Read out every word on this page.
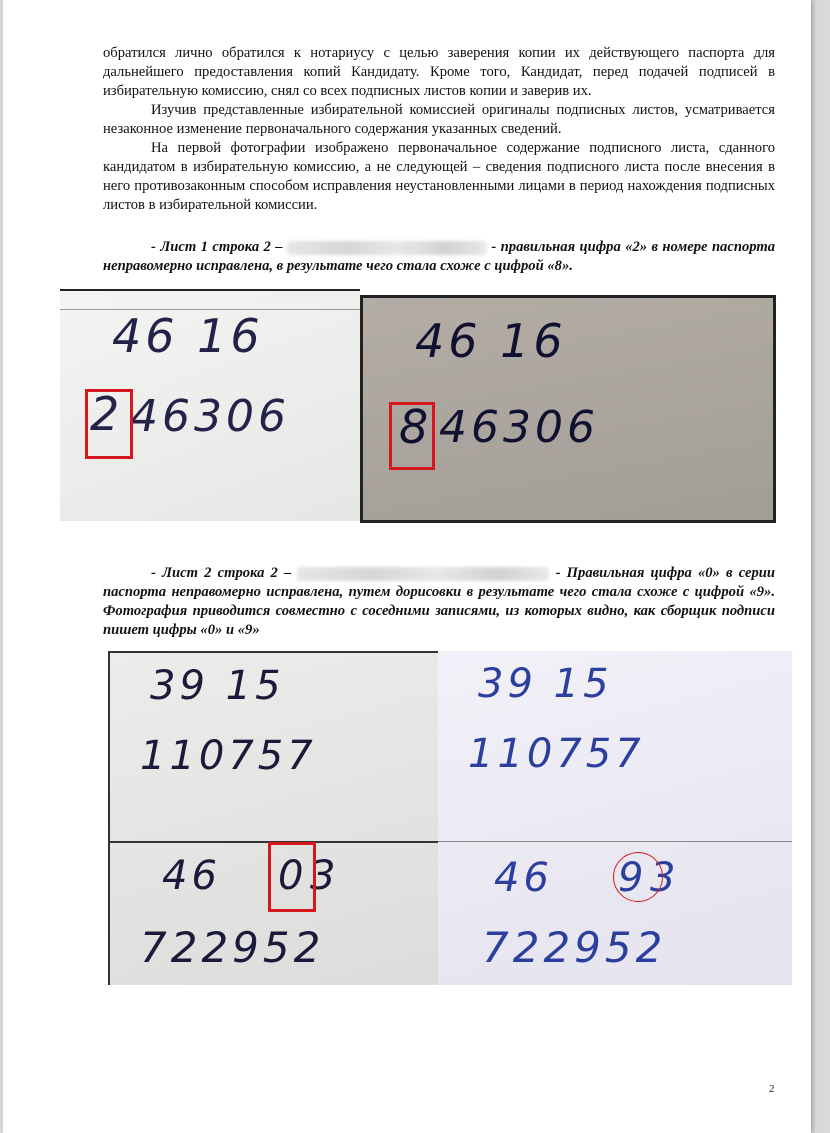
обратился лично обратился к нотариусу с целью заверения копии их действующего паспорта для дальнейшего предоставления копий Кандидату. Кроме того, Кандидат, перед подачей подписей в избирательную комиссию, снял со всех подписных листов копии и заверив их.

Изучив представленные избирательной комиссией оригиналы подписных листов, усматривается незаконное изменение первоначального содержания указанных сведений.

На первой фотографии изображено первоначальное содержание подписного листа, сданного кандидатом в избирательную комиссию, а не следующей – сведения подписного листа после внесения в него противозаконным способом исправления неустановленными лицами в период нахождения подписных листов в избирательной комиссии.

- Лист 1 строка 2 –	- правильная цифра «2» в номере паспорта неправомерно исправлена, в результате чего стала схоже с цифрой «8».

46 16
2 46306
46 16
8 46306

- Лист 2 строка 2 –	- Правильная цифра «0» в серии паспорта неправомерно исправлена, путем дорисовки в результате чего стала схоже с цифрой «9». Фотография приводится совместно с соседними записями, из которых видно, как сборщик подписи пишет цифры «0» и «9»

39 15
110757
46 0 3
722952
39 15
110757
46 9 3
722952
2
